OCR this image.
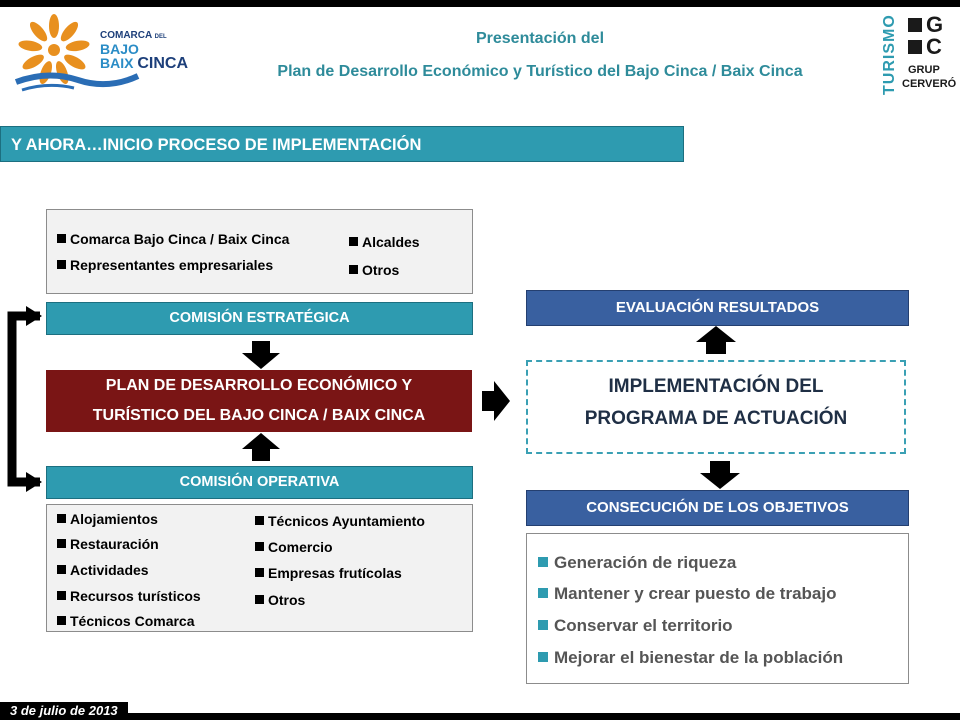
COMARCA DEL
BAJO
BAIX CINCA
Presentación del
Plan de Desarrollo Económico y Turístico del Bajo Cinca / Baix Cinca	TURISMO G
C
GRUP
CERVERÓ
Y AHORA…INICIO PROCESO DE IMPLEMENTACIÓN
Comarca Bajo Cinca / Baix Cinca
Representantes empresariales
Alcaldes
Otros
COMISIÓN ESTRATÉGICA
PLAN DE DESARROLLO ECONÓMICO Y
TURÍSTICO DEL BAJO CINCA / BAIX CINCA
COMISIÓN OPERATIVA
Alojamientos
Restauración
Actividades
Recursos turísticos
Técnicos Comarca
Técnicos Ayuntamiento
Comercio
Empresas frutícolas
Otros
EVALUACIÓN RESULTADOS
IMPLEMENTACIÓN DEL
PROGRAMA DE ACTUACIÓN
CONSECUCIÓN DE LOS OBJETIVOS
Generación de riqueza
Mantener y crear puesto de trabajo
Conservar el territorio
Mejorar el bienestar de la población
3 de julio de 2013
